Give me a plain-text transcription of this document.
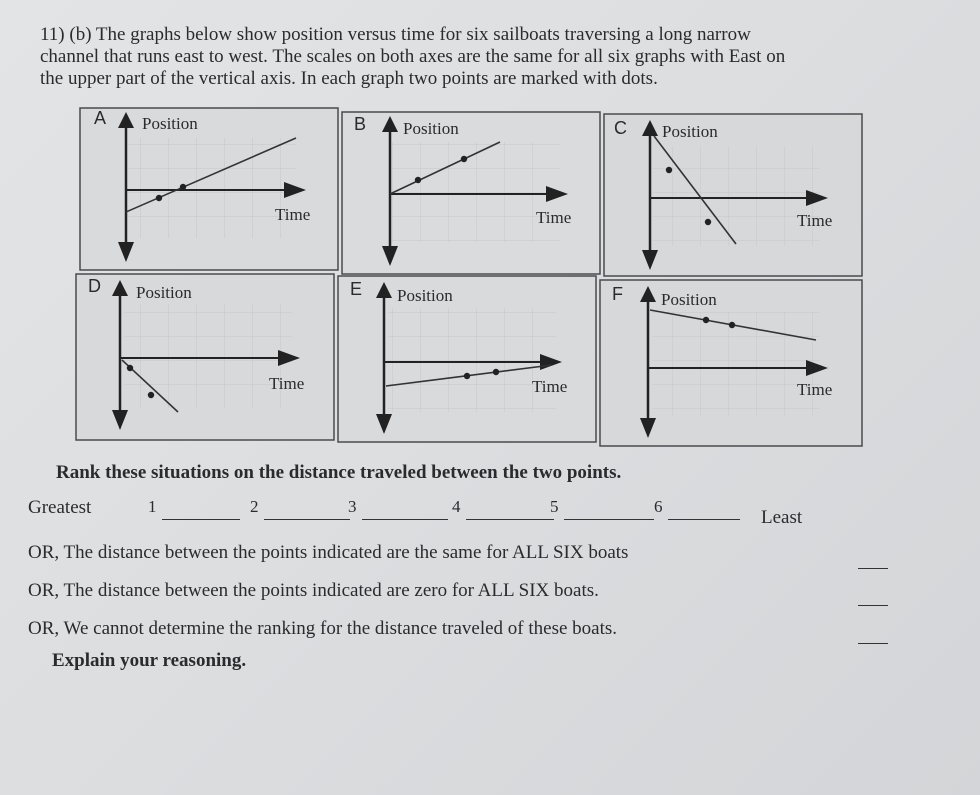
11) (b) The graphs below show position versus time for six sailboats traversing a long narrow
channel that runs east to west. The scales on both axes are the same for all six graphs with East on
the upper part of the vertical axis. In each graph two points are marked with dots.

A Position
Time
B Position
Time
C Position
Time
D Position
Time
E Position
Time
F Position
Time

Rank these situations on the distance traveled between the two points.

Greatest	1	2	3	4	5	6
Least

OR, The distance between the points indicated are the same for ALL SIX boats

OR, The distance between the points indicated are zero for ALL SIX boats.

OR, We cannot determine the ranking for the distance traveled of these boats.

Explain your reasoning.
